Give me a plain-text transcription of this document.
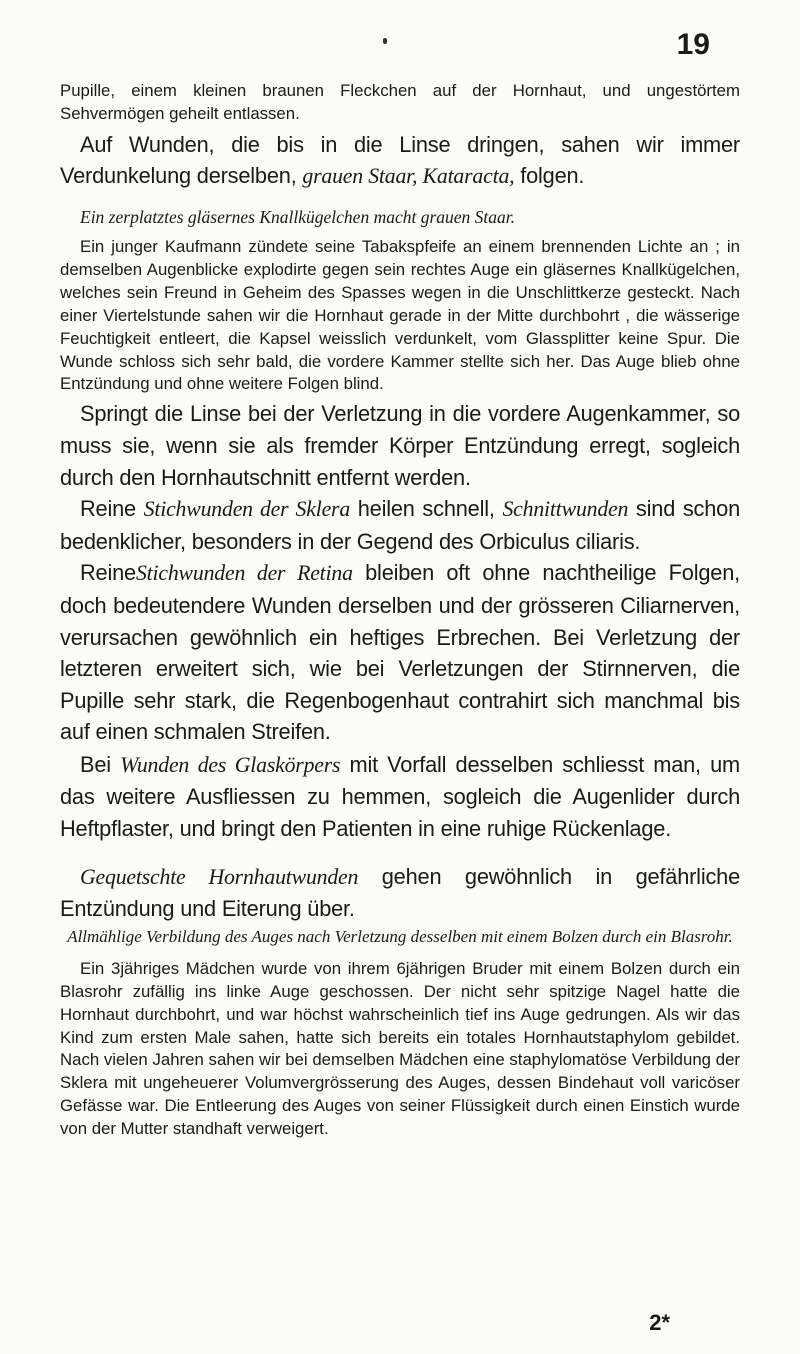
19

Pupille, einem kleinen braunen Fleckchen auf der Hornhaut, und ungestörtem Sehvermögen geheilt entlassen.

Auf Wunden, die bis in die Linse dringen, sahen wir immer Verdunkelung derselben, grauen Staar, Kataracta, folgen.

Ein zerplatztes gläsernes Knallkügelchen macht grauen Staar.

Ein junger Kaufmann zündete seine Tabakspfeife an einem brennenden Lichte an ; in demselben Augenblicke explodirte gegen sein rechtes Auge ein gläsernes Knallkügelchen, welches sein Freund in Geheim des Spasses wegen in die Unschlittkerze gesteckt. Nach einer Viertelstunde sahen wir die Hornhaut gerade in der Mitte durchbohrt , die wässerige Feuchtigkeit entleert, die Kapsel weisslich verdunkelt, vom Glassplitter keine Spur. Die Wunde schloss sich sehr bald, die vordere Kammer stellte sich her. Das Auge blieb ohne Entzündung und ohne weitere Folgen blind.

Springt die Linse bei der Verletzung in die vordere Augenkammer, so muss sie, wenn sie als fremder Körper Entzündung erregt, sogleich durch den Hornhautschnitt entfernt werden.

Reine Stichwunden der Sklera heilen schnell, Schnittwunden sind schon bedenklicher, besonders in der Gegend des Orbiculus ciliaris.

ReineStichwunden der Retina bleiben oft ohne nachtheilige Folgen, doch bedeutendere Wunden derselben und der grösseren Ciliarnerven, verursachen gewöhnlich ein heftiges Erbrechen. Bei Verletzung der letzteren erweitert sich, wie bei Verletzungen der Stirnnerven, die Pupille sehr stark, die Regenbogenhaut contrahirt sich manchmal bis auf einen schmalen Streifen.

Bei Wunden des Glaskörpers mit Vorfall desselben schliesst man, um das weitere Ausfliessen zu hemmen, sogleich die Augenlider durch Heftpflaster, und bringt den Patienten in eine ruhige Rückenlage.

Gequetschte Hornhautwunden gehen gewöhnlich in gefährliche Entzündung und Eiterung über.

Allmählige Verbildung des Auges nach Verletzung desselben mit einem Bolzen durch ein Blasrohr.

Ein 3jähriges Mädchen wurde von ihrem 6jährigen Bruder mit einem Bolzen durch ein Blasrohr zufällig ins linke Auge geschossen. Der nicht sehr spitzige Nagel hatte die Hornhaut durchbohrt, und war höchst wahrscheinlich tief ins Auge gedrungen. Als wir das Kind zum ersten Male sahen, hatte sich bereits ein totales Hornhautstaphylom gebildet. Nach vielen Jahren sahen wir bei demselben Mädchen eine staphylomatöse Verbildung der Sklera mit ungeheuerer Volumvergrösserung des Auges, dessen Bindehaut voll varicöser Gefässe war. Die Entleerung des Auges von seiner Flüssigkeit durch einen Einstich wurde von der Mutter standhaft verweigert.

2*
